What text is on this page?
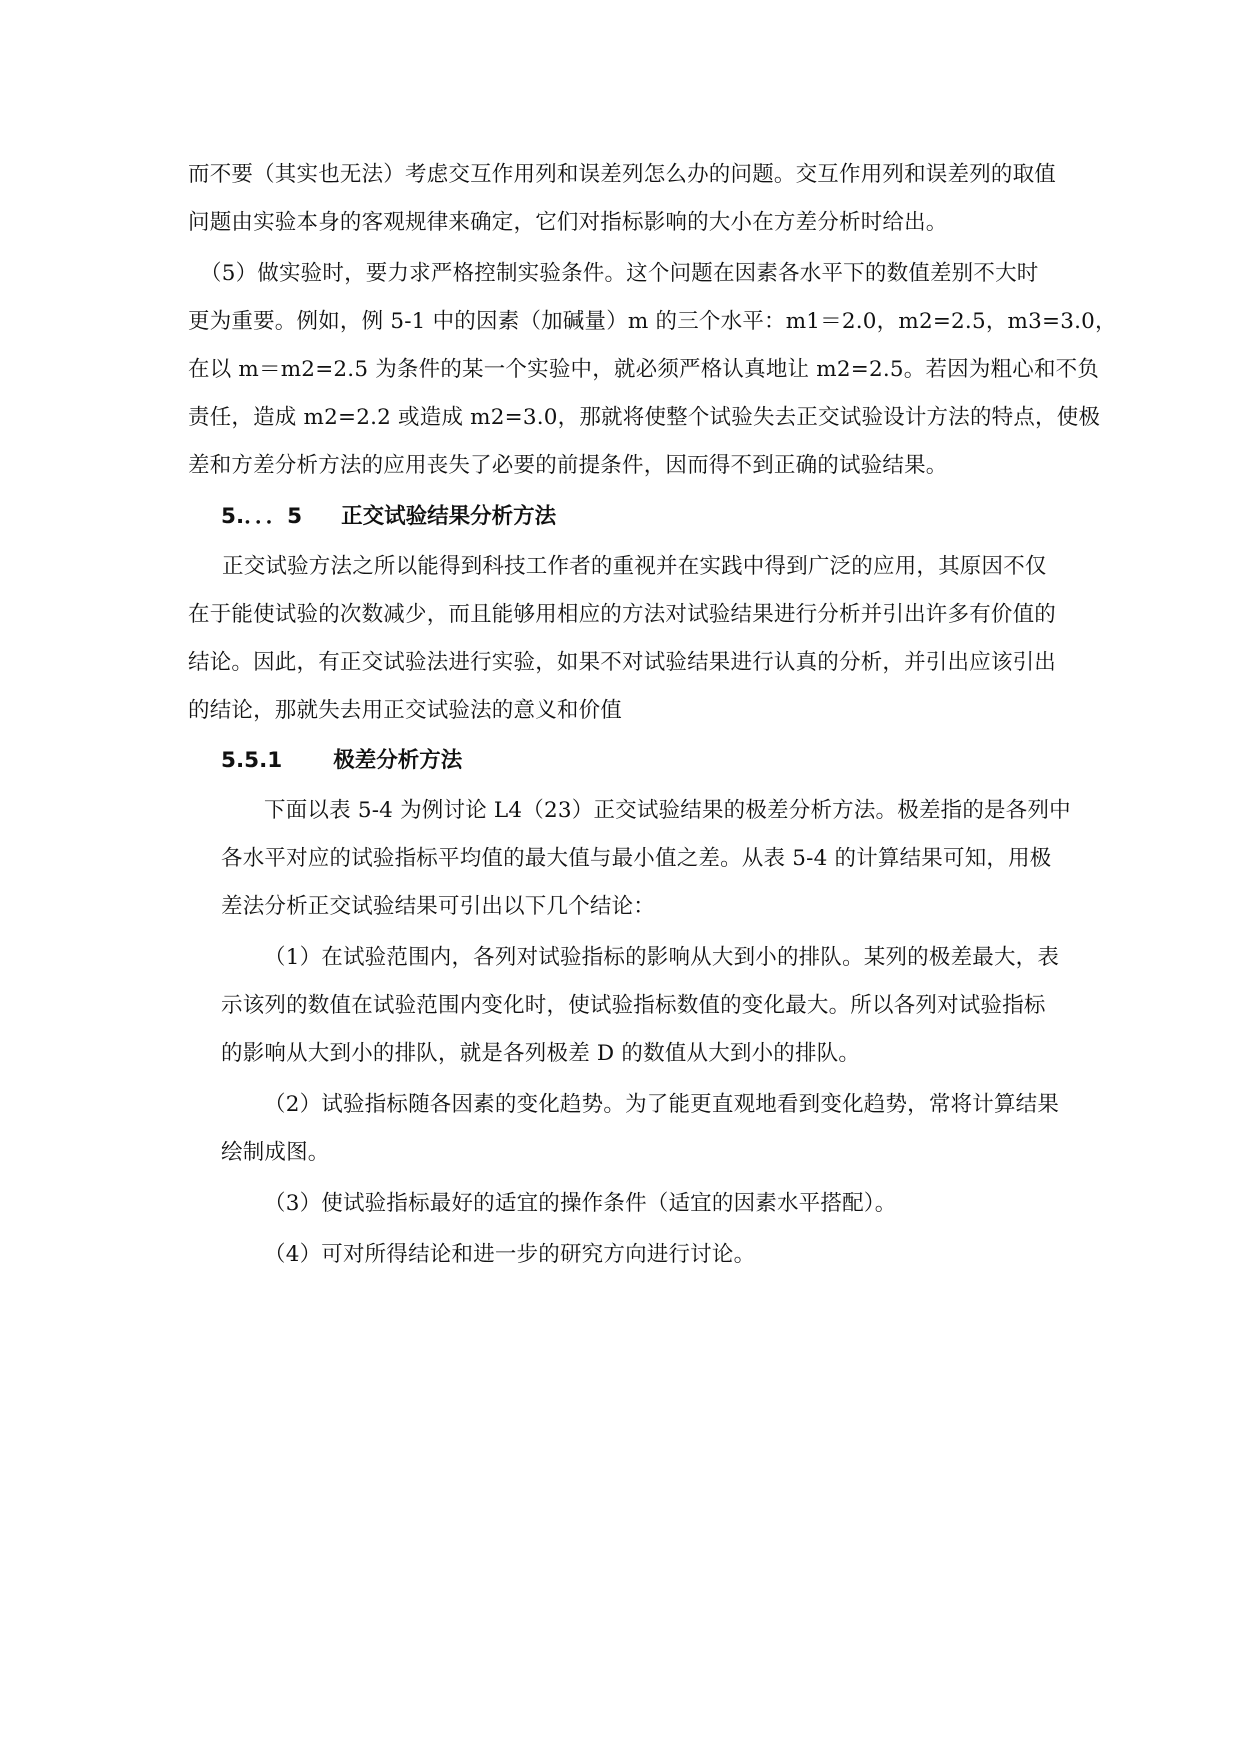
而不要（其实也无法）考虑交互作用列和误差列怎么办的问题。交互作用列和误差列的取值
问题由实验本身的客观规律来确定，它们对指标影响的大小在方差分析时给出。
（5）做实验时，要力求严格控制实验条件。这个问题在因素各水平下的数值差别不大时
更为重要。例如，例 5-1 中的因素（加碱量）m 的三个水平：m1＝2.0，m2=2.5，m3=3.0，
在以 m＝m2=2.5 为条件的某一个实验中，就必须严格认真地让 m2=2.5。若因为粗心和不负
责任，造成 m2=2.2 或造成 m2=3.0，那就将使整个试验失去正交试验设计方法的特点，使极
差和方差分析方法的应用丧失了必要的前提条件，因而得不到正确的试验结果。
5.．．．5 正交试验结果分析方法
正交试验方法之所以能得到科技工作者的重视并在实践中得到广泛的应用，其原因不仅
在于能使试验的次数减少，而且能够用相应的方法对试验结果进行分析并引出许多有价值的
结论。因此，有正交试验法进行实验，如果不对试验结果进行认真的分析，并引出应该引出
的结论，那就失去用正交试验法的意义和价值
5.5.1 极差分析方法
下面以表 5-4 为例讨论 L4（23）正交试验结果的极差分析方法。极差指的是各列中
各水平对应的试验指标平均值的最大值与最小值之差。从表 5-4 的计算结果可知，用极
差法分析正交试验结果可引出以下几个结论：
（1）在试验范围内，各列对试验指标的影响从大到小的排队。某列的极差最大，表
示该列的数值在试验范围内变化时，使试验指标数值的变化最大。所以各列对试验指标
的影响从大到小的排队，就是各列极差 D 的数值从大到小的排队。
（2）试验指标随各因素的变化趋势。为了能更直观地看到变化趋势，常将计算结果
绘制成图。
（3）使试验指标最好的适宜的操作条件（适宜的因素水平搭配）。
（4）可对所得结论和进一步的研究方向进行讨论。
